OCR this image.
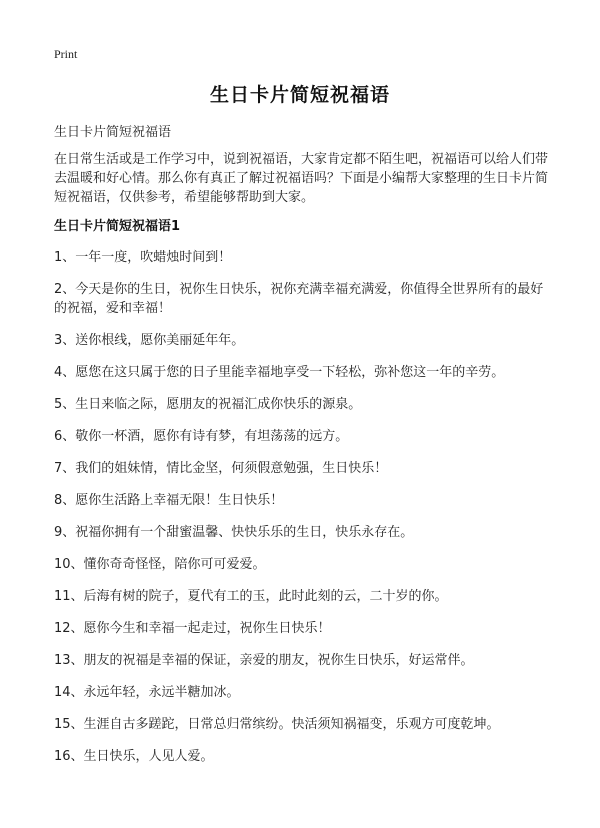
Print
生日卡片简短祝福语
生日卡片简短祝福语
在日常生活或是工作学习中，说到祝福语，大家肯定都不陌生吧，祝福语可以给人们带去温暖和好心情。那么你有真正了解过祝福语吗？下面是小编帮大家整理的生日卡片简短祝福语，仅供参考，希望能够帮助到大家。
生日卡片简短祝福语1
1、一年一度，吹蜡烛时间到！
2、今天是你的生日，祝你生日快乐，祝你充满幸福充满爱，你值得全世界所有的最好的祝福，爱和幸福！
3、送你根线，愿你美丽延年年。
4、愿您在这只属于您的日子里能幸福地享受一下轻松，弥补您这一年的辛劳。
5、生日来临之际，愿朋友的祝福汇成你快乐的源泉。
6、敬你一杯酒，愿你有诗有梦，有坦荡荡的远方。
7、我们的姐妹情，情比金坚，何须假意勉强，生日快乐！
8、愿你生活路上幸福无限！生日快乐！
9、祝福你拥有一个甜蜜温馨、快快乐乐的生日，快乐永存在。
10、懂你奇奇怪怪，陪你可可爱爱。
11、后海有树的院子，夏代有工的玉，此时此刻的云，二十岁的你。
12、愿你今生和幸福一起走过，祝你生日快乐！
13、朋友的祝福是幸福的保证，亲爱的朋友，祝你生日快乐，好运常伴。
14、永远年轻，永远半糖加冰。
15、生涯自古多蹉跎，日常总归常缤纷。快活须知祸福变，乐观方可度乾坤。
16、生日快乐，人见人爱。
